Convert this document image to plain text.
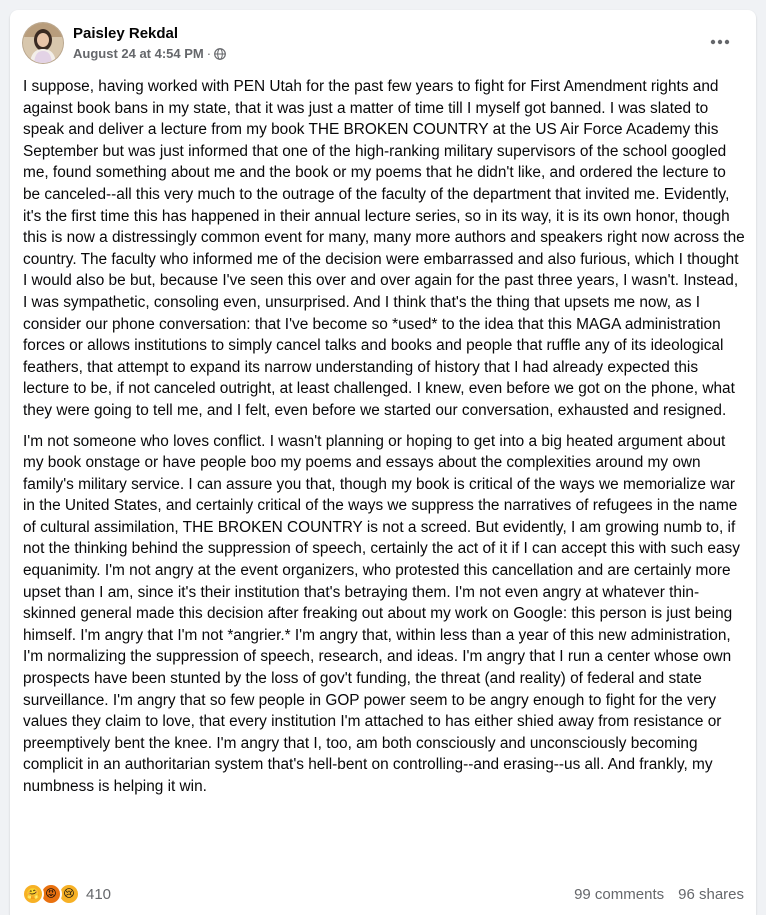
Paisley Rekdal
August 24 at 4:54 PM ·

I suppose, having worked with PEN Utah for the past few years to fight for First Amendment rights and against book bans in my state, that it was just a matter of time till I myself got banned. I was slated to speak and deliver a lecture from my book THE BROKEN COUNTRY at the US Air Force Academy this September but was just informed that one of the high-ranking military supervisors of the school googled me, found something about me and the book or my poems that he didn't like, and ordered the lecture to be canceled--all this very much to the outrage of the faculty of the department that invited me. Evidently, it's the first time this has happened in their annual lecture series, so in its way, it is its own honor, though this is now a distressingly common event for many, many more authors and speakers right now across the country. The faculty who informed me of the decision were embarrassed and also furious, which I thought I would also be but, because I've seen this over and over again for the past three years, I wasn't. Instead, I was sympathetic, consoling even, unsurprised. And I think that's the thing that upsets me now, as I consider our phone conversation: that I've become so *used* to the idea that this MAGA administration forces or allows institutions to simply cancel talks and books and people that ruffle any of its ideological feathers, that attempt to expand its narrow understanding of history that I had already expected this lecture to be, if not canceled outright, at least challenged. I knew, even before we got on the phone, what they were going to tell me, and I felt, even before we started our conversation, exhausted and resigned.

I'm not someone who loves conflict. I wasn't planning or hoping to get into a big heated argument about my book onstage or have people boo my poems and essays about the complexities around my own family's military service. I can assure you that, though my book is critical of the ways we memorialize war in the United States, and certainly critical of the ways we suppress the narratives of refugees in the name of cultural assimilation, THE BROKEN COUNTRY is not a screed. But evidently, I am growing numb to, if not the thinking behind the suppression of speech, certainly the act of it if I can accept this with such easy equanimity. I'm not angry at the event organizers, who protested this cancellation and are certainly more upset than I am, since it's their institution that's betraying them. I'm not even angry at whatever thin-skinned general made this decision after freaking out about my work on Google: this person is just being himself. I'm angry that I'm not *angrier.* I'm angry that, within less than a year of this new administration, I'm normalizing the suppression of speech, research, and ideas. I'm angry that I run a center whose own prospects have been stunted by the loss of gov't funding, the threat (and reality) of federal and state surveillance. I'm angry that so few people in GOP power seem to be angry enough to fight for the very values they claim to love, that every institution I'm attached to has either shied away from resistance or preemptively bent the knee. I'm angry that I, too, am both consciously and unconsciously becoming complicit in an authoritarian system that's hell-bent on controlling--and erasing--us all. And frankly, my numbness is helping it win.

🤗 😡 😢 410	99 comments 96 shares
